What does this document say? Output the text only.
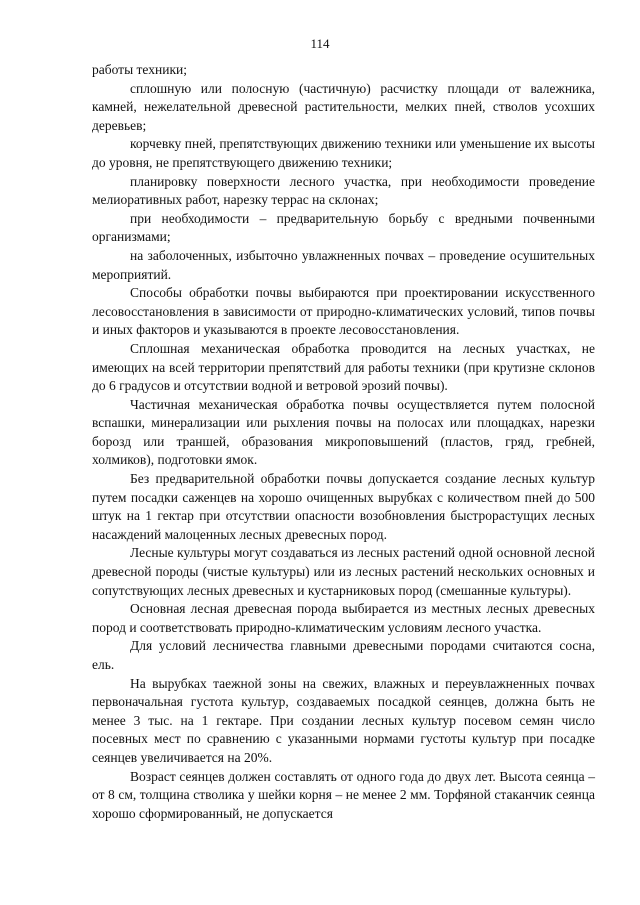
114

работы техники;

сплошную или полосную (частичную) расчистку площади от валежника, камней, нежелательной древесной растительности, мелких пней, стволов усохших деревьев;

корчевку пней, препятствующих движению техники или уменьшение их высоты до уровня, не препятствующего движению техники;

планировку поверхности лесного участка, при необходимости проведение мелиоративных работ, нарезку террас на склонах;

при необходимости – предварительную борьбу с вредными почвенными организмами;

на заболоченных, избыточно увлажненных почвах – проведение осушительных мероприятий.

Способы обработки почвы выбираются при проектировании искусственного лесовосстановления в зависимости от природно-климатических условий, типов почвы и иных факторов и указываются в проекте лесовосстановления.

Сплошная механическая обработка проводится на лесных участках, не имеющих на всей территории препятствий для работы техники (при крутизне склонов до 6 градусов и отсутствии водной и ветровой эрозий почвы).

Частичная механическая обработка почвы осуществляется путем полосной вспашки, минерализации или рыхления почвы на полосах или площадках, нарезки борозд или траншей, образования микроповышений (пластов, гряд, гребней, холмиков), подготовки ямок.

Без предварительной обработки почвы допускается создание лесных культур путем посадки саженцев на хорошо очищенных вырубках с количеством пней до 500 штук на 1 гектар при отсутствии опасности возобновления быстрорастущих лесных насаждений малоценных лесных древесных пород.

Лесные культуры могут создаваться из лесных растений одной основной лесной древесной породы (чистые культуры) или из лесных растений нескольких основных и сопутствующих лесных древесных и кустарниковых пород (смешанные культуры).

Основная лесная древесная порода выбирается из местных лесных древесных пород и соответствовать природно-климатическим условиям лесного участка.

Для условий лесничества главными древесными породами считаются сосна, ель.

На вырубках таежной зоны на свежих, влажных и переувлажненных почвах первоначальная густота культур, создаваемых посадкой сеянцев, должна быть не менее 3 тыс. на 1 гектаре. При создании лесных культур посевом семян число посевных мест по сравнению с указанными нормами густоты культур при посадке сеянцев увеличивается на 20%.

Возраст сеянцев должен составлять от одного года до двух лет. Высота сеянца – от 8 см, толщина стволика у шейки корня – не менее 2 мм. Торфяной стаканчик сеянца хорошо сформированный, не допускается
